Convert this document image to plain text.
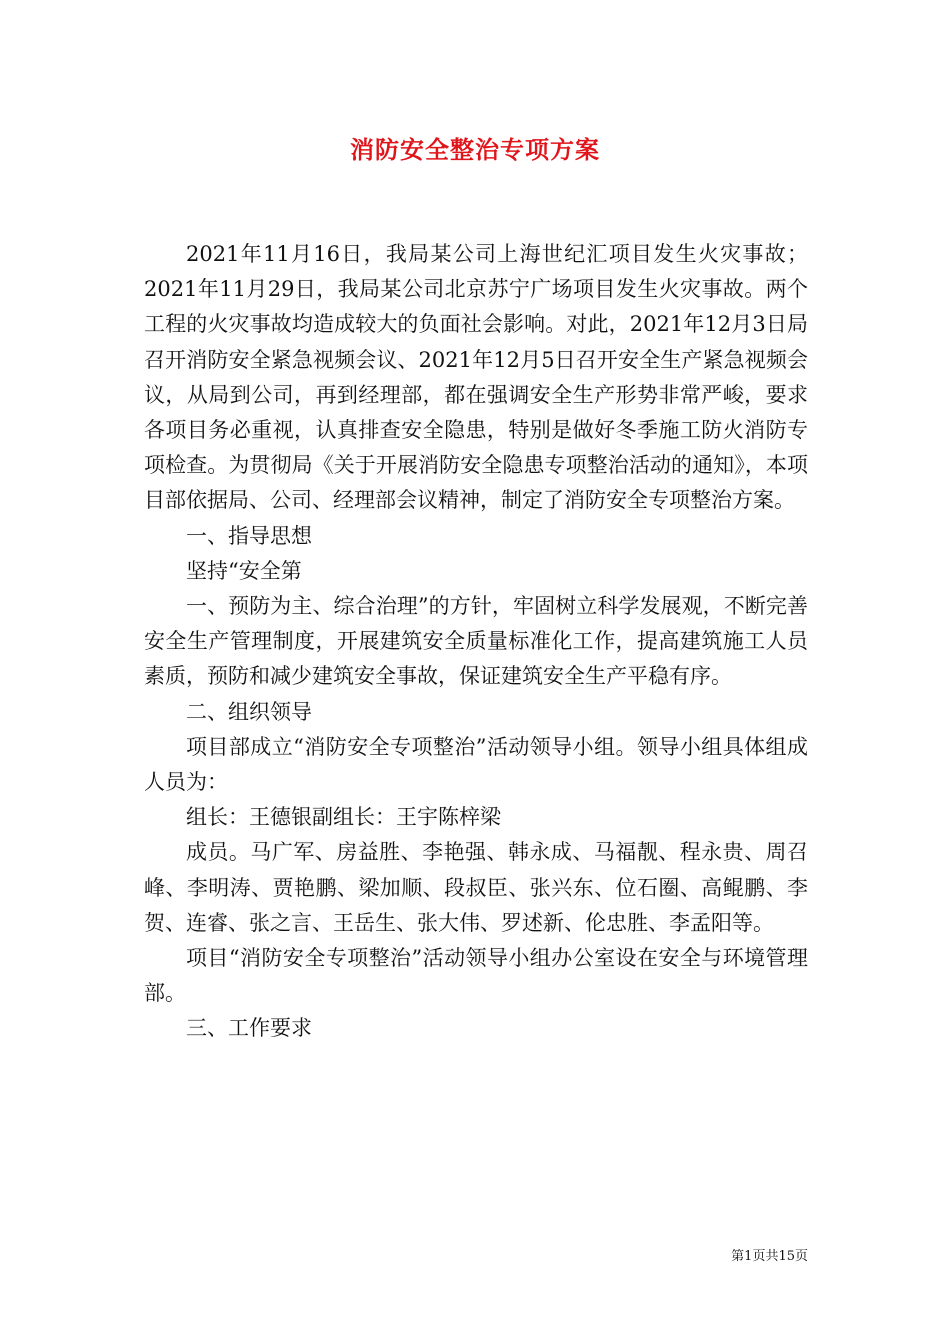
消防安全整治专项方案

2021年11月16日，我局某公司上海世纪汇项目发生火灾事故；2021年11月29日，我局某公司北京苏宁广场项目发生火灾事故。两个工程的火灾事故均造成较大的负面社会影响。对此，2021年12月3日局召开消防安全紧急视频会议、2021年12月5日召开安全生产紧急视频会议，从局到公司，再到经理部，都在强调安全生产形势非常严峻，要求各项目务必重视，认真排查安全隐患，特别是做好冬季施工防火消防专项检查。为贯彻局《关于开展消防安全隐患专项整治活动的通知》，本项目部依据局、公司、经理部会议精神，制定了消防安全专项整治方案。

一、指导思想

坚持“安全第

一、预防为主、综合治理”的方针，牢固树立科学发展观，不断完善安全生产管理制度，开展建筑安全质量标准化工作，提高建筑施工人员素质，预防和减少建筑安全事故，保证建筑安全生产平稳有序。

二、组织领导

项目部成立“消防安全专项整治”活动领导小组。领导小组具体组成人员为：

组长：王德银副组长：王宇陈梓梁

成员。马广军、房益胜、李艳强、韩永成、马福靓、程永贵、周召峰、李明涛、贾艳鹏、梁加顺、段叔臣、张兴东、位石圈、高鲲鹏、李贺、连睿、张之言、王岳生、张大伟、罗述新、伦忠胜、李孟阳等。

项目“消防安全专项整治”活动领导小组办公室设在安全与环境管理部。

三、工作要求

第1页共15页
